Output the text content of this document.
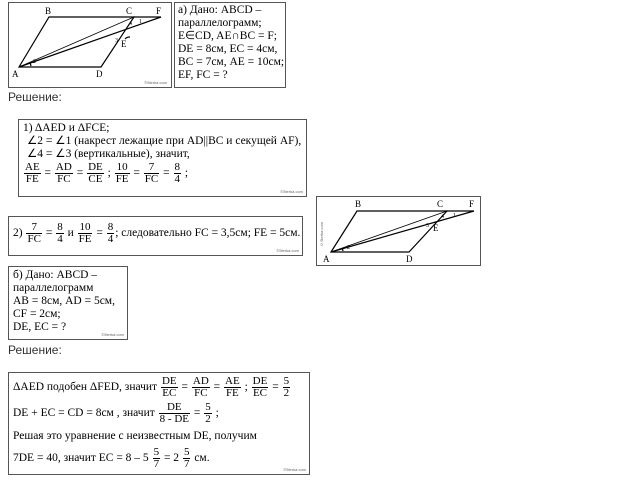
B	C	F
A	D
E
1
2
3
4
©5terka.com
а) Дано: ABCD –
параллелограмм;
E∈CD, AE∩BC = F;
DE = 8см, EC = 4см,
BC = 7см, AE = 10см;
EF, FC = ?
Решение:
1) ΔAED и ΔFCE;
∠2 = ∠1 (накрест лежащие при AD||BC и секущей AF),
∠4 = ∠3 (вертикальные), значит,
$\frac{AE}{FE} = \frac{AD}{FC} = \frac{DE}{CE}$ ; $\frac{10}{FE} = \frac{7}{FC} = \frac{8}{4}$ ;
©5terka.com
$2) \frac{7}{FC} = \frac{8}{4}$ и $\frac{10}{FE} = \frac{8}{4}$ ; следовательно FC = 3,5см; FE = 5см.
©5terka.com
B	C	F
A	D
E
1
2
3
4
©5terka.com
б) Дано: ABCD –
параллелограмм
AB = 8см, AD = 5см,
CF = 2см;
DE, EC = ?
©5terka.com
Решение:
ΔAED подобен ΔFED, значит $\frac{DE}{EC} = \frac{AD}{FC} = \frac{AE}{FE}$ ; $\frac{DE}{EC} = \frac{5}{2}$
DE + EC = CD = 8см , значит $\frac{DE}{8 - DE} = \frac{5}{2}$ ;
Решая это уравнение с неизвестным DE, получим
7DE = 40, значит EC = $8 - 5 \frac{5}{7} = 2 \frac{5}{7}$ см.
©5terka.com
